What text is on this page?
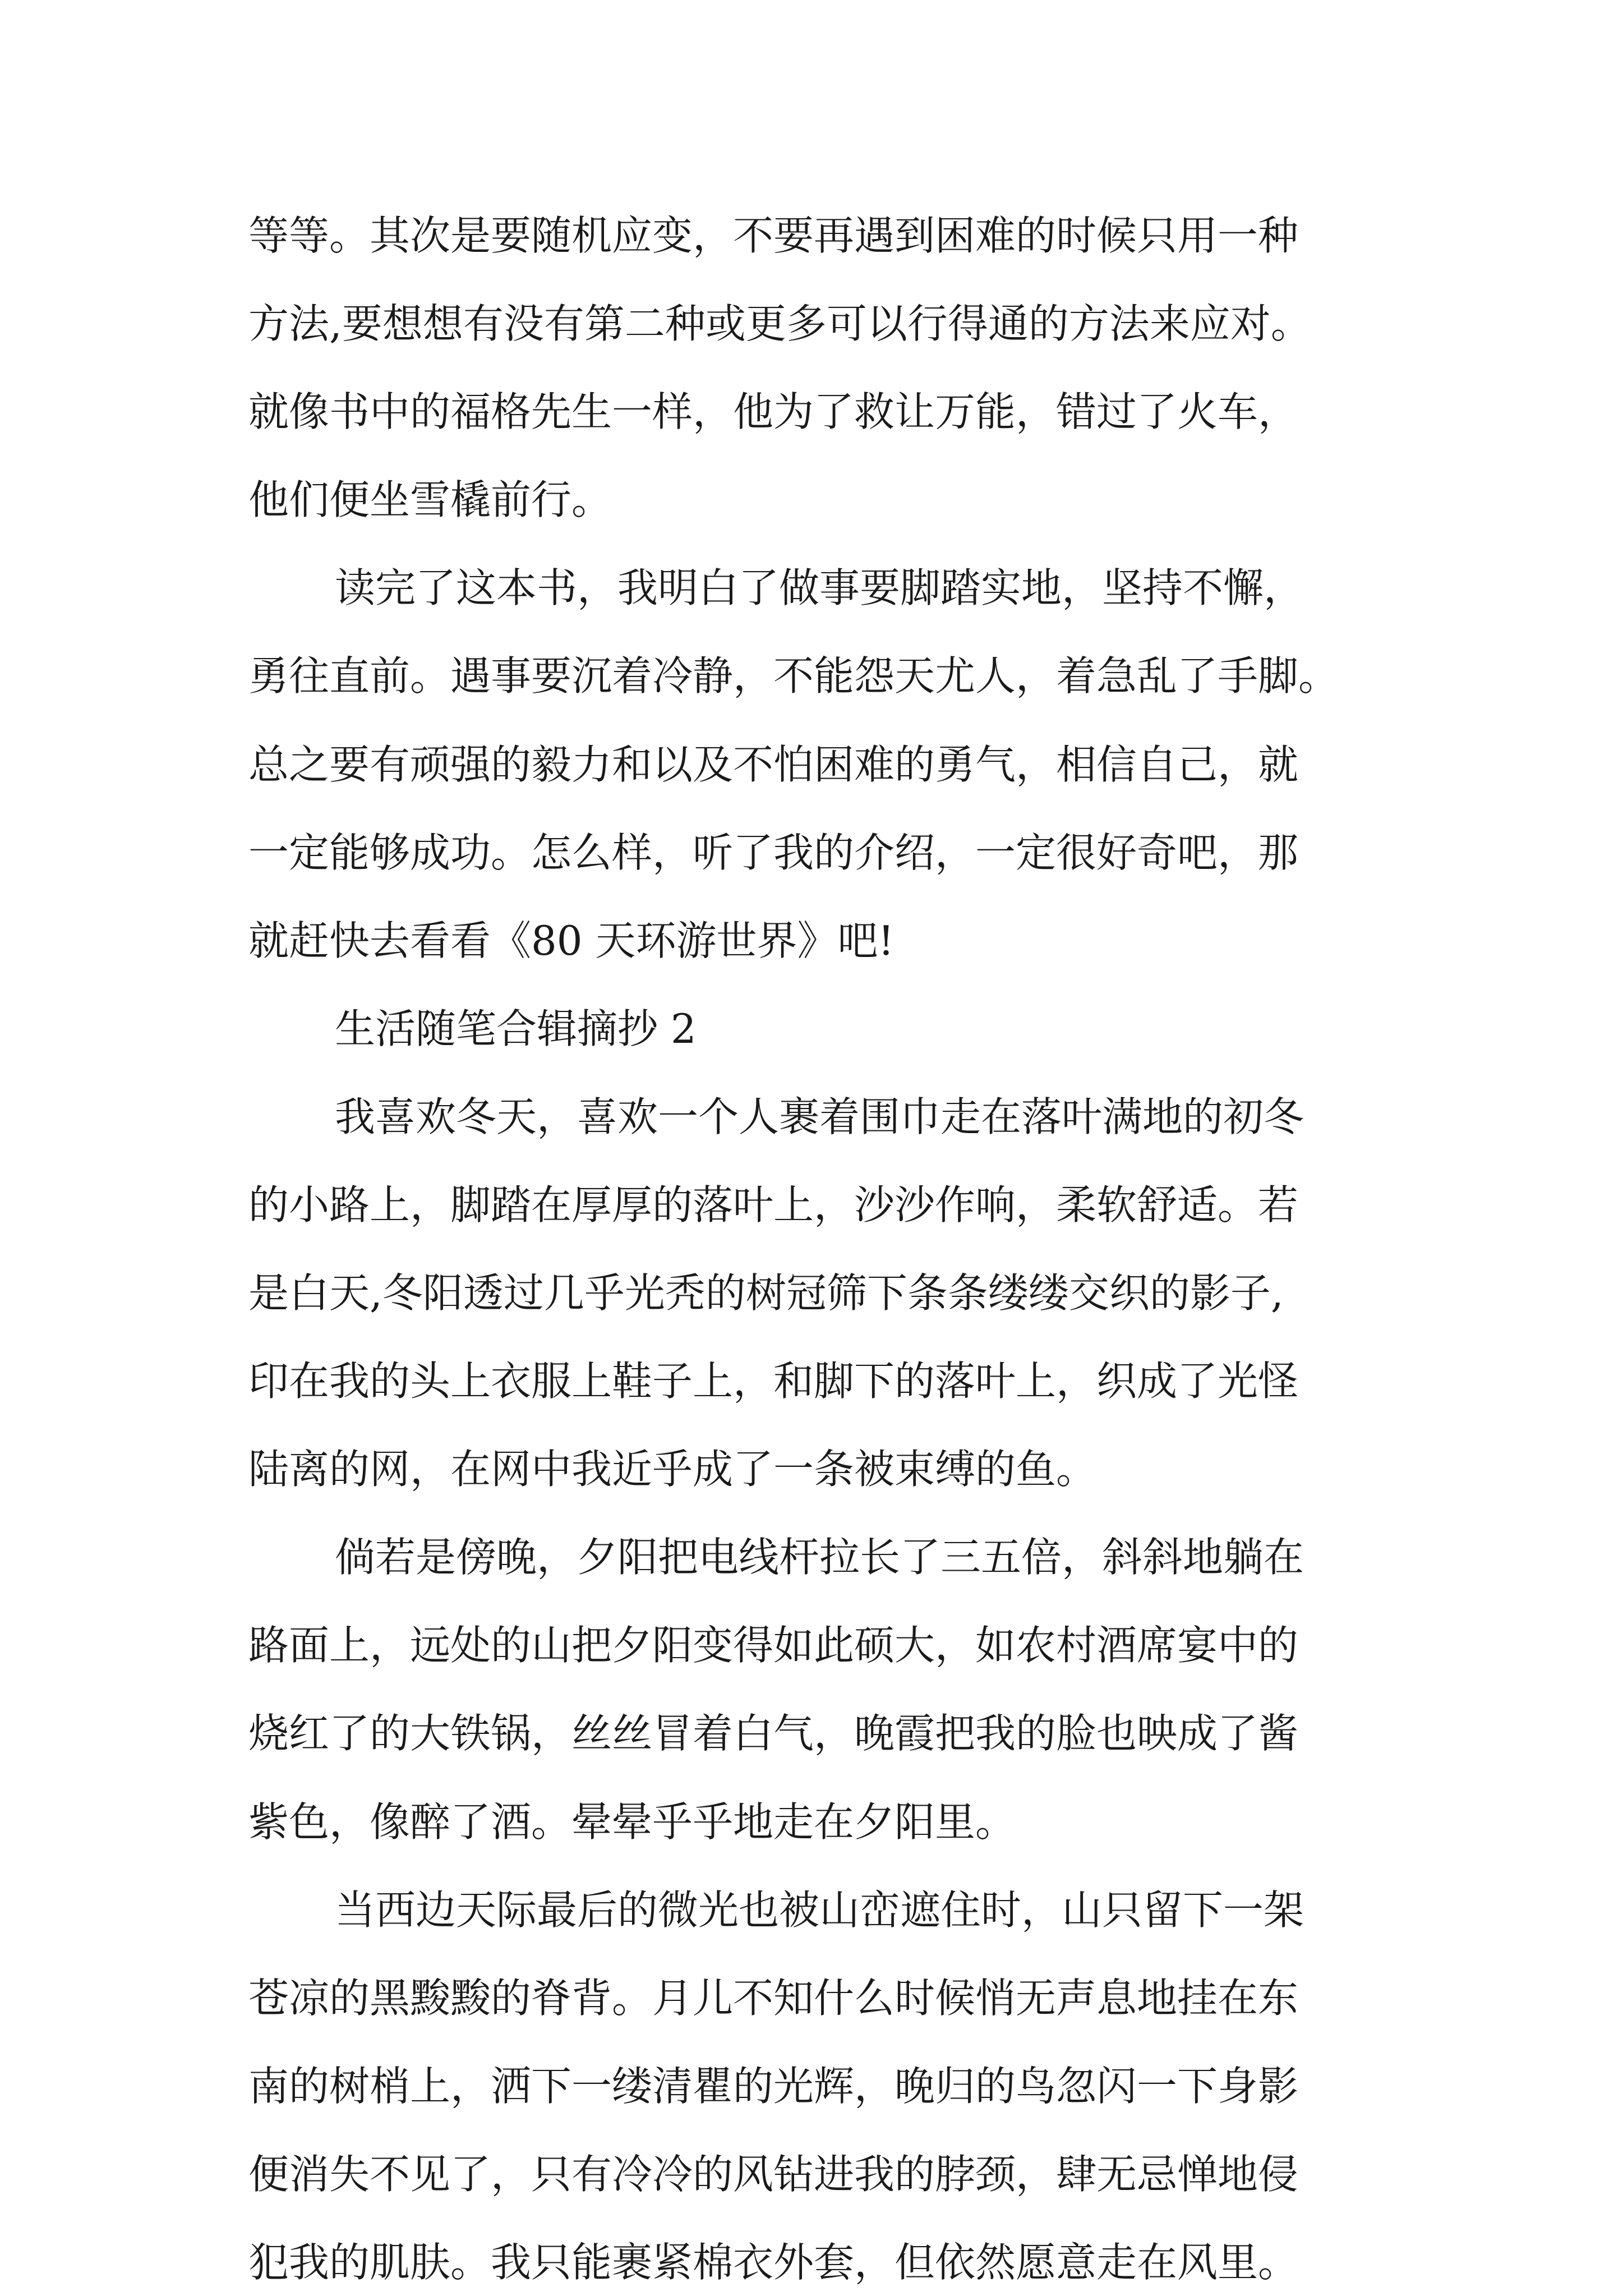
等等。其次是要随机应变，不要再遇到困难的时候只用一种

方法,要想想有没有第二种或更多可以行得通的方法来应对。

就像书中的福格先生一样，他为了救让万能，错过了火车，

他们便坐雪橇前行。

读完了这本书，我明白了做事要脚踏实地，坚持不懈，

勇往直前。遇事要沉着冷静，不能怨天尤人，着急乱了手脚。

总之要有顽强的毅力和以及不怕困难的勇气，相信自己，就

一定能够成功。怎么样，听了我的介绍，一定很好奇吧，那

就赶快去看看《80 天环游世界》吧!

生活随笔合辑摘抄 2

我喜欢冬天，喜欢一个人裹着围巾走在落叶满地的初冬

的小路上，脚踏在厚厚的落叶上，沙沙作响，柔软舒适。若

是白天,冬阳透过几乎光秃的树冠筛下条条缕缕交织的影子,

印在我的头上衣服上鞋子上，和脚下的落叶上，织成了光怪

陆离的网，在网中我近乎成了一条被束缚的鱼。

倘若是傍晚，夕阳把电线杆拉长了三五倍，斜斜地躺在

路面上，远处的山把夕阳变得如此硕大，如农村酒席宴中的

烧红了的大铁锅，丝丝冒着白气，晚霞把我的脸也映成了酱

紫色，像醉了酒。晕晕乎乎地走在夕阳里。

当西边天际最后的微光也被山峦遮住时，山只留下一架

苍凉的黑黢黢的脊背。月儿不知什么时候悄无声息地挂在东

南的树梢上，洒下一缕清瞿的光辉，晚归的鸟忽闪一下身影

便消失不见了，只有冷冷的风钻进我的脖颈，肆无忌惮地侵

犯我的肌肤。我只能裹紧棉衣外套，但依然愿意走在风里。
